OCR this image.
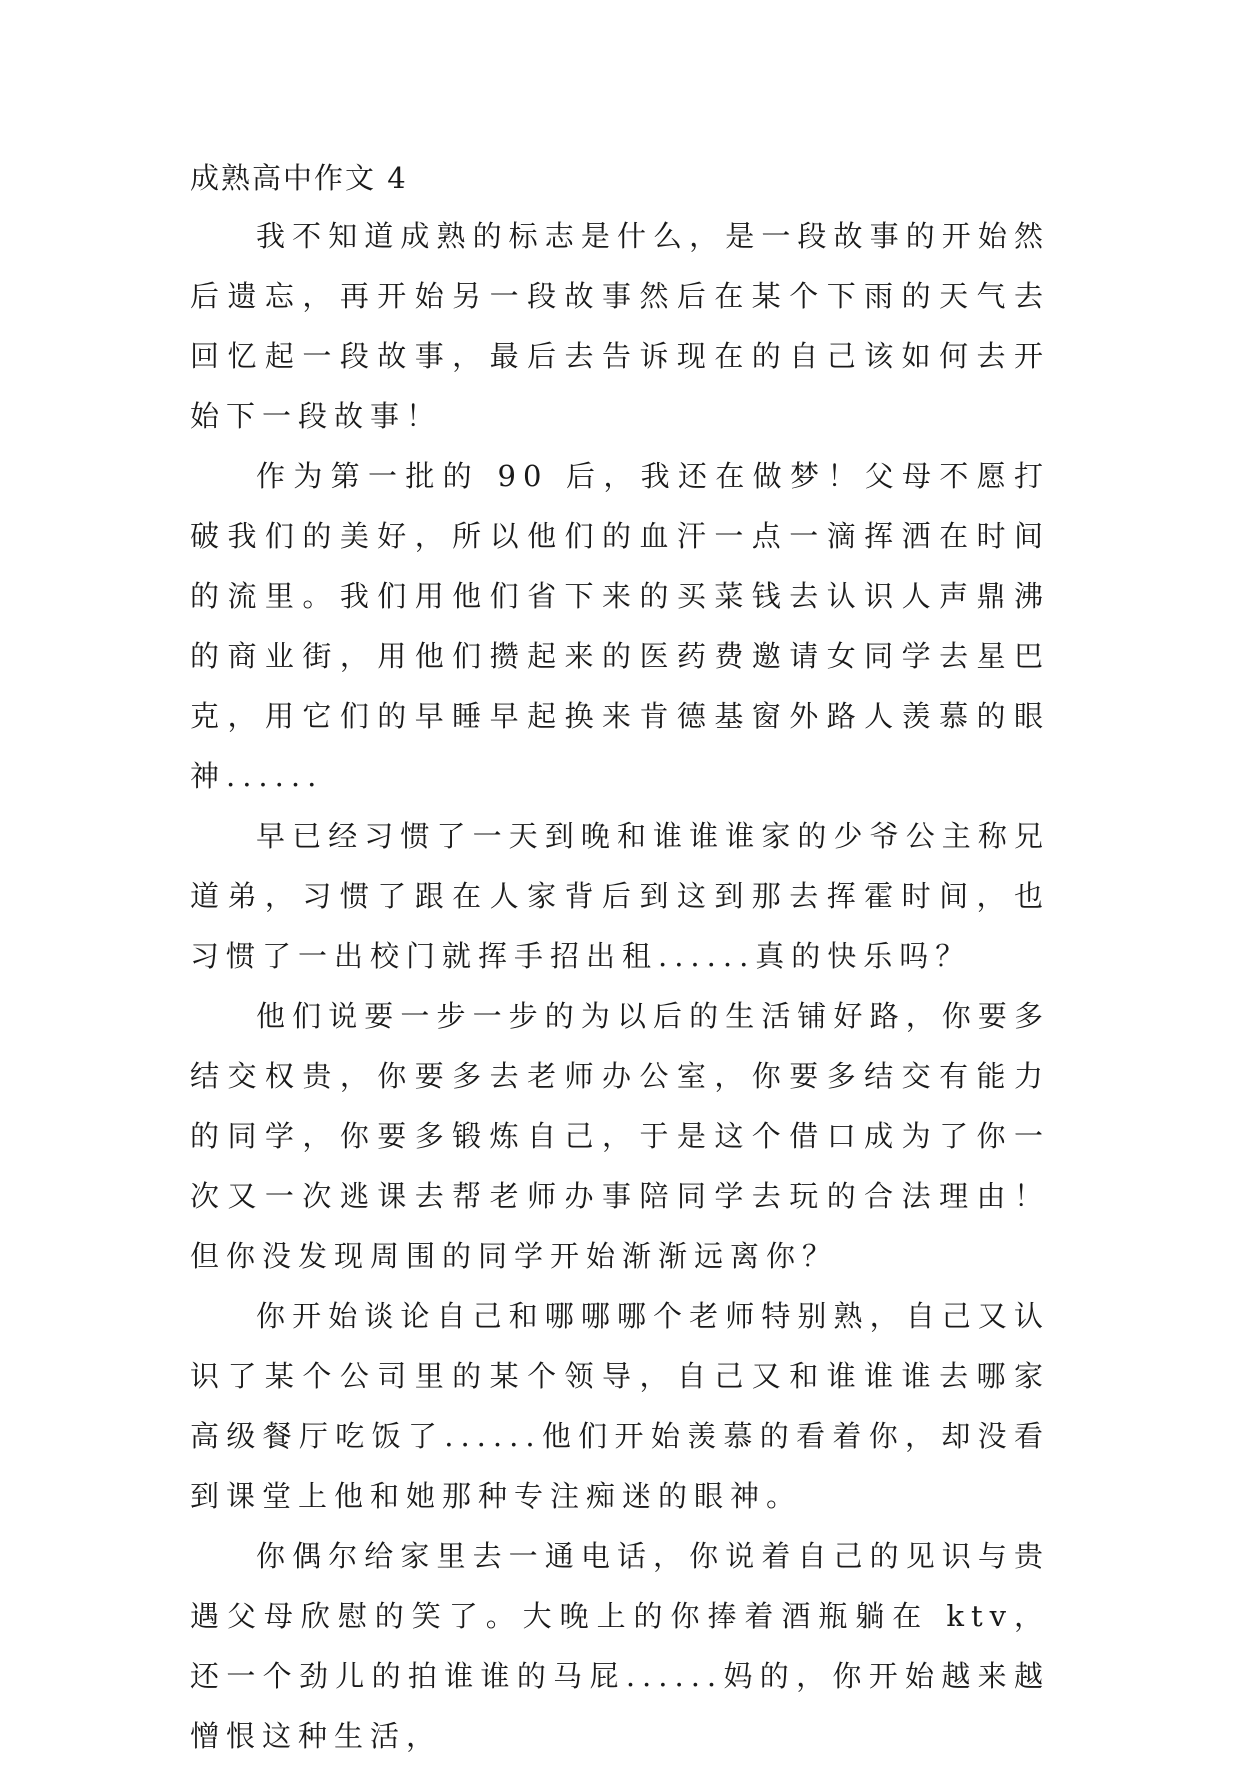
成熟高中作文 4

我不知道成熟的标志是什么，是一段故事的开始然后遗忘，再开始另一段故事然后在某个下雨的天气去回忆起一段故事，最后去告诉现在的自己该如何去开始下一段故事！

作为第一批的 90 后，我还在做梦！父母不愿打破我们的美好，所以他们的血汗一点一滴挥洒在时间的流里。我们用他们省下来的买菜钱去认识人声鼎沸的商业街，用他们攒起来的医药费邀请女同学去星巴克，用它们的早睡早起换来肯德基窗外路人羡慕的眼神......

早已经习惯了一天到晚和谁谁谁家的少爷公主称兄道弟，习惯了跟在人家背后到这到那去挥霍时间，也习惯了一出校门就挥手招出租......真的快乐吗？

他们说要一步一步的为以后的生活铺好路，你要多结交权贵，你要多去老师办公室，你要多结交有能力的同学，你要多锻炼自己，于是这个借口成为了你一次又一次逃课去帮老师办事陪同学去玩的合法理由！但你没发现周围的同学开始渐渐远离你？

你开始谈论自己和哪哪哪个老师特别熟，自己又认识了某个公司里的某个领导，自己又和谁谁谁去哪家高级餐厅吃饭了......他们开始羡慕的看着你，却没看到课堂上他和她那种专注痴迷的眼神。

你偶尔给家里去一通电话，你说着自己的见识与贵遇父母欣慰的笑了。大晚上的你捧着酒瓶躺在 ktv，还一个劲儿的拍谁谁的马屁......妈的，你开始越来越憎恨这种生活，
